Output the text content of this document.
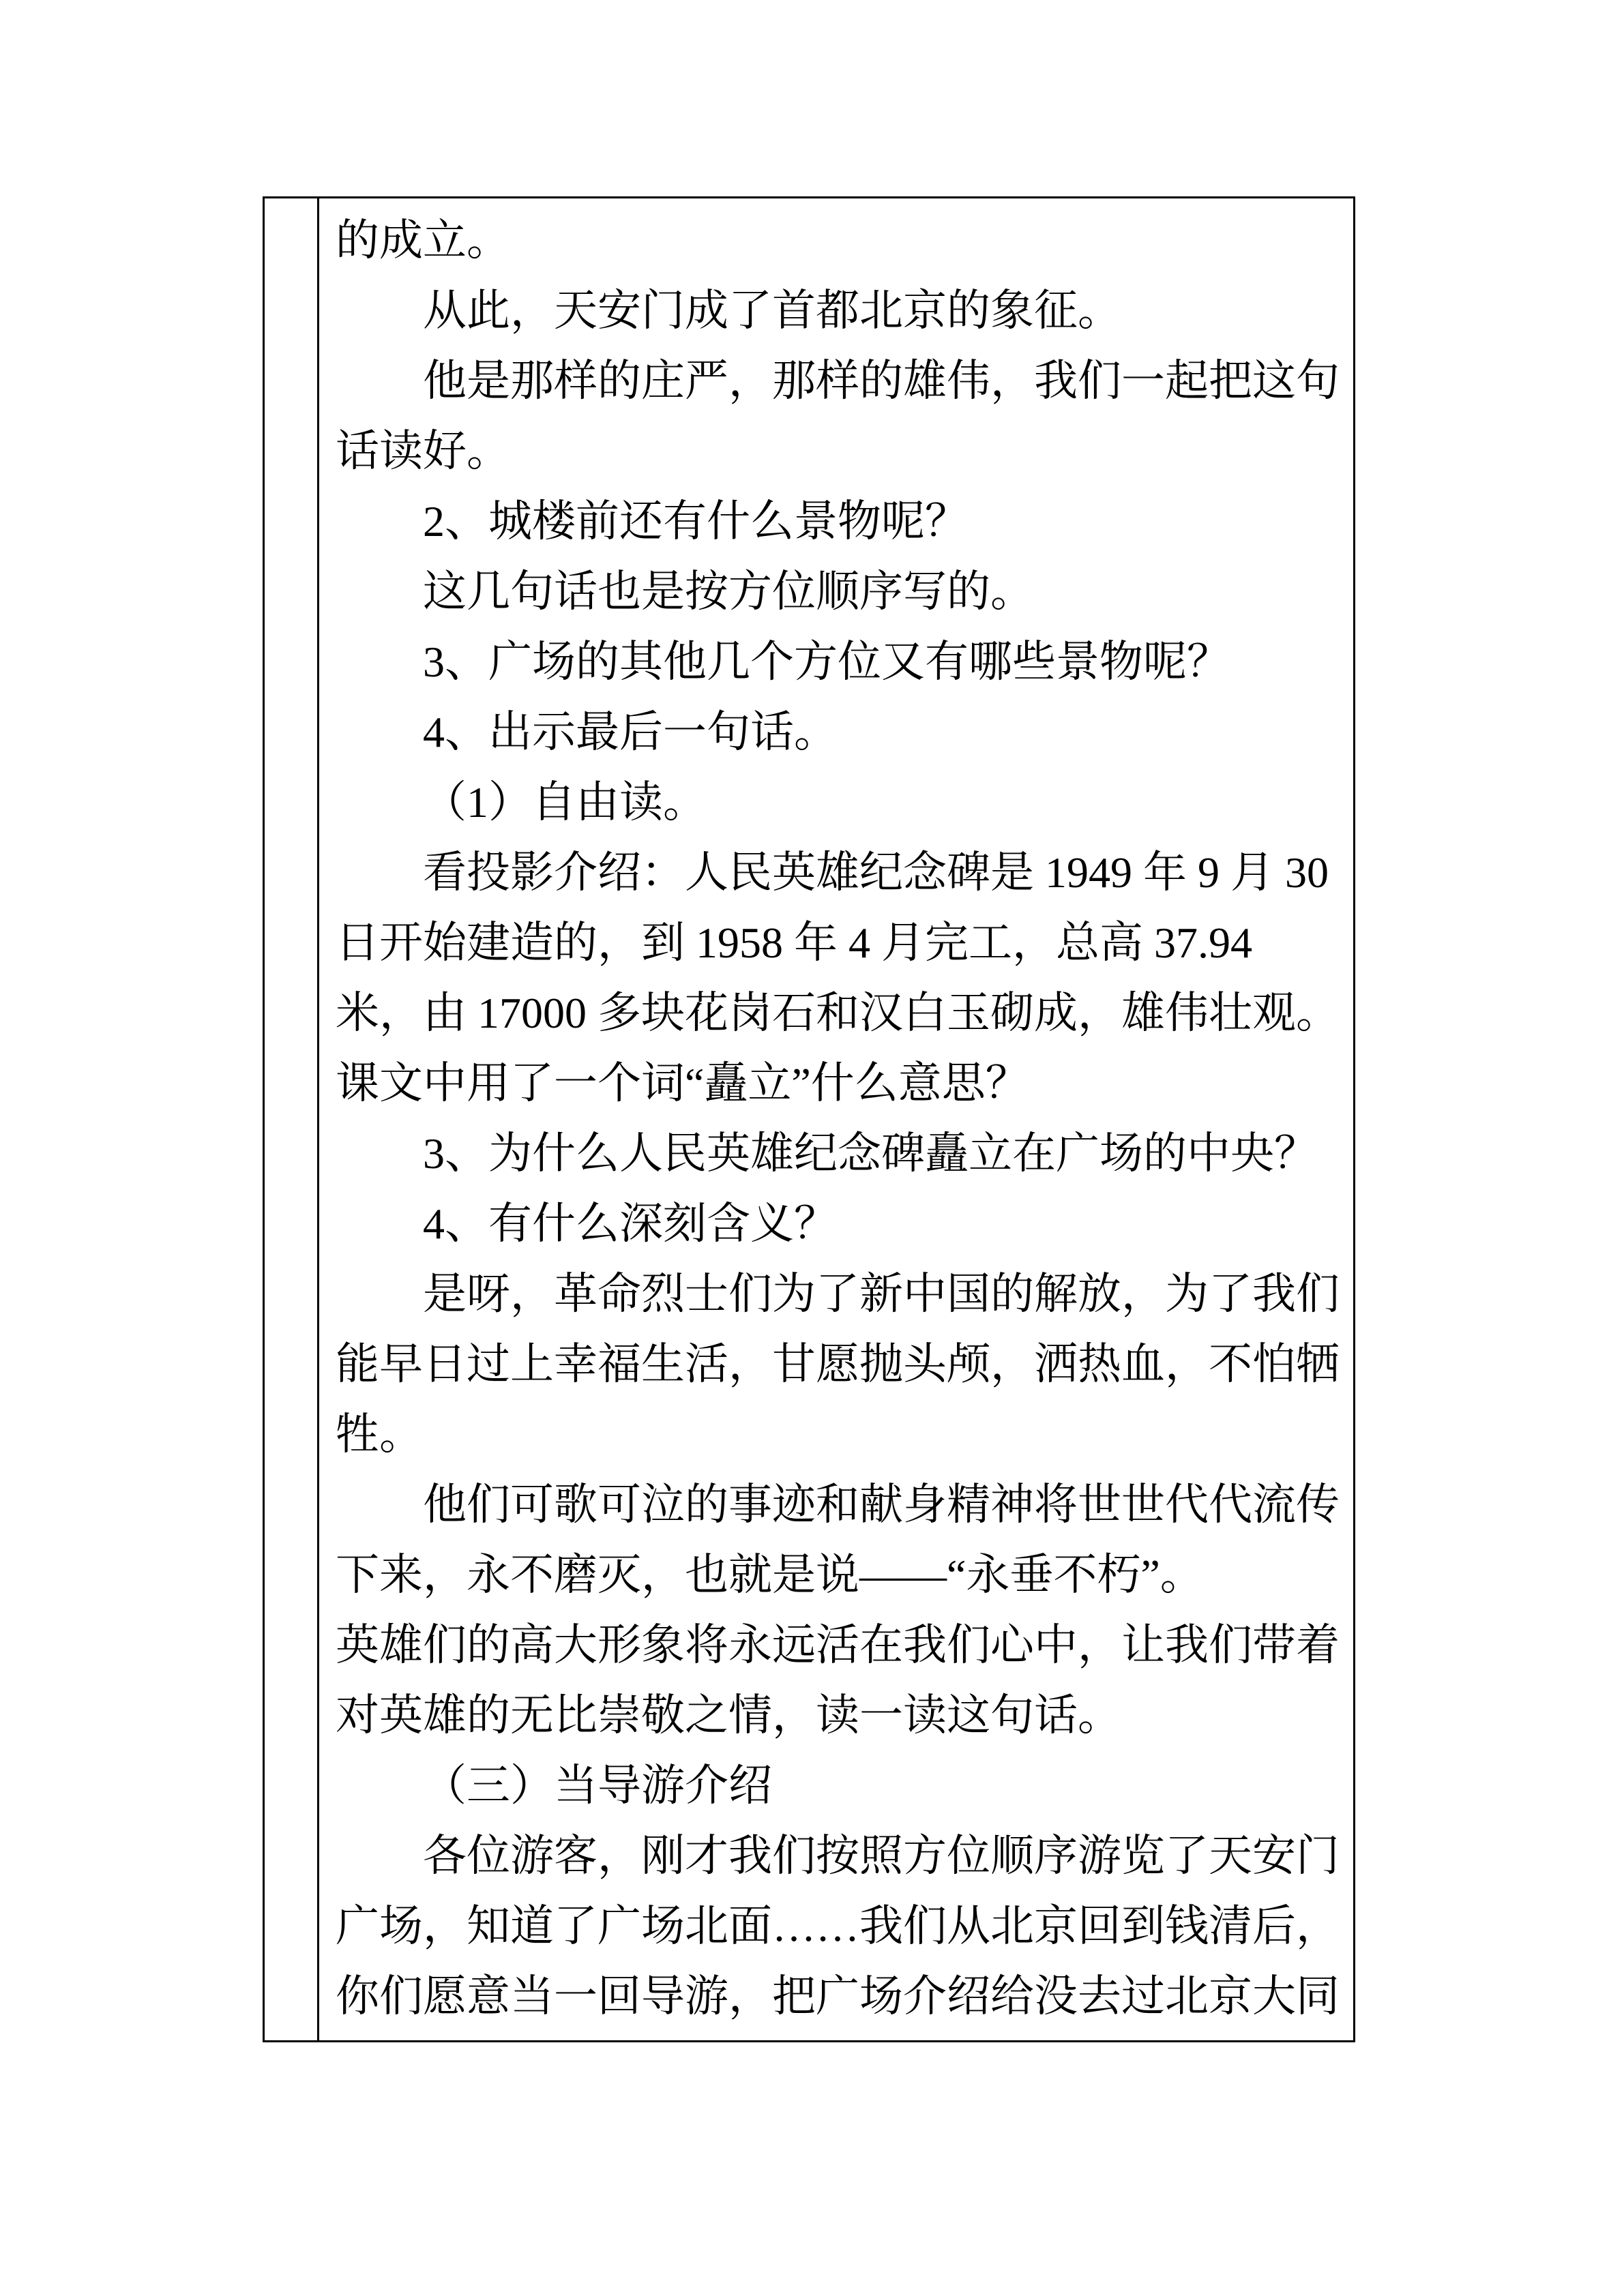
的成立。
从此，天安门成了首都北京的象征。
他是那样的庄严，那样的雄伟，我们一起把这句
话读好。
2、城楼前还有什么景物呢？
这几句话也是按方位顺序写的。
3、广场的其他几个方位又有哪些景物呢？
4、出示最后一句话。
（1）自由读。
看投影介绍：人民英雄纪念碑是 1949 年 9 月 30
日开始建造的，到 1958 年 4 月完工，总高 37.94
米，由 17000 多块花岗石和汉白玉砌成，雄伟壮观。
课文中用了一个词“矗立”什么意思？
3、为什么人民英雄纪念碑矗立在广场的中央？
4、有什么深刻含义？
是呀，革命烈士们为了新中国的解放，为了我们
能早日过上幸福生活，甘愿抛头颅，洒热血，不怕牺
牲。
他们可歌可泣的事迹和献身精神将世世代代流传
下来，永不磨灭，也就是说——“永垂不朽”。
英雄们的高大形象将永远活在我们心中，让我们带着
对英雄的无比崇敬之情，读一读这句话。
（三）当导游介绍
各位游客，刚才我们按照方位顺序游览了天安门
广场，知道了广场北面……我们从北京回到钱清后，
你们愿意当一回导游，把广场介绍给没去过北京大同
